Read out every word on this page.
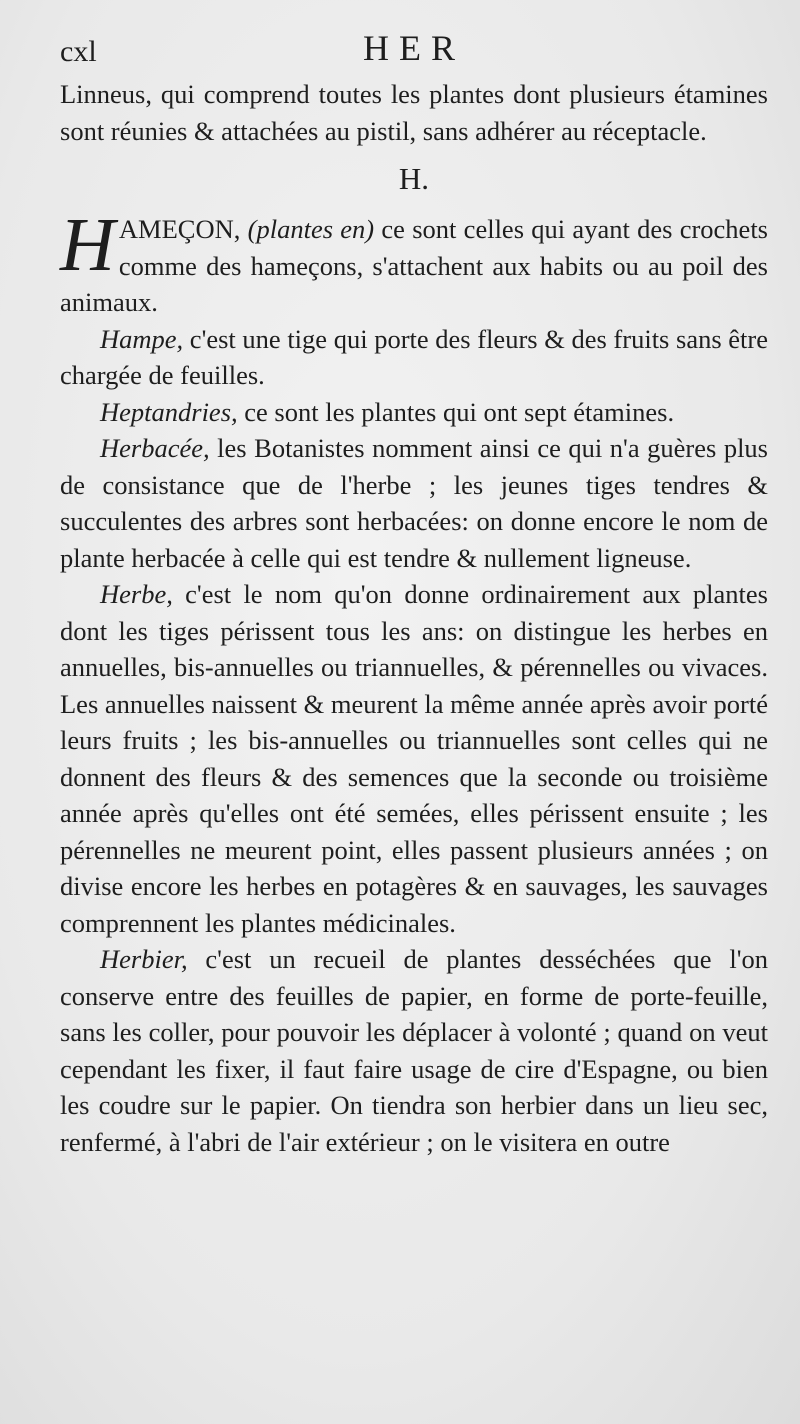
cxl	HER

Linneus, qui comprend toutes les plantes dont plusieurs étamines sont réunies & attachées au pistil, sans adhérer au réceptacle.

H.

HAMEÇON, (plantes en) ce sont celles qui ayant des crochets comme des hameçons, s'attachent aux habits ou au poil des animaux.

Hampe, c'est une tige qui porte des fleurs & des fruits sans être chargée de feuilles.

Heptandries, ce sont les plantes qui ont sept étamines.

Herbacée, les Botanistes nomment ainsi ce qui n'a guères plus de consistance que de l'herbe ; les jeunes tiges tendres & succulentes des arbres sont herbacées: on donne encore le nom de plante herbacée à celle qui est tendre & nullement ligneuse.

Herbe, c'est le nom qu'on donne ordinairement aux plantes dont les tiges périssent tous les ans: on distingue les herbes en annuelles, bis-annuelles ou triannuelles, & pérennelles ou vivaces. Les annuelles naissent & meurent la même année après avoir porté leurs fruits ; les bis-annuelles ou triannuelles sont celles qui ne donnent des fleurs & des semences que la seconde ou troisième année après qu'elles ont été semées, elles périssent ensuite ; les pérennelles ne meurent point, elles passent plusieurs années ; on divise encore les herbes en potagères & en sauvages, les sauvages comprennent les plantes médicinales.

Herbier, c'est un recueil de plantes desséchées que l'on conserve entre des feuilles de papier, en forme de porte-feuille, sans les coller, pour pouvoir les déplacer à volonté ; quand on veut cependant les fixer, il faut faire usage de cire d'Espagne, ou bien les coudre sur le papier. On tiendra son herbier dans un lieu sec, renfermé, à l'abri de l'air extérieur ; on le visitera en outre
